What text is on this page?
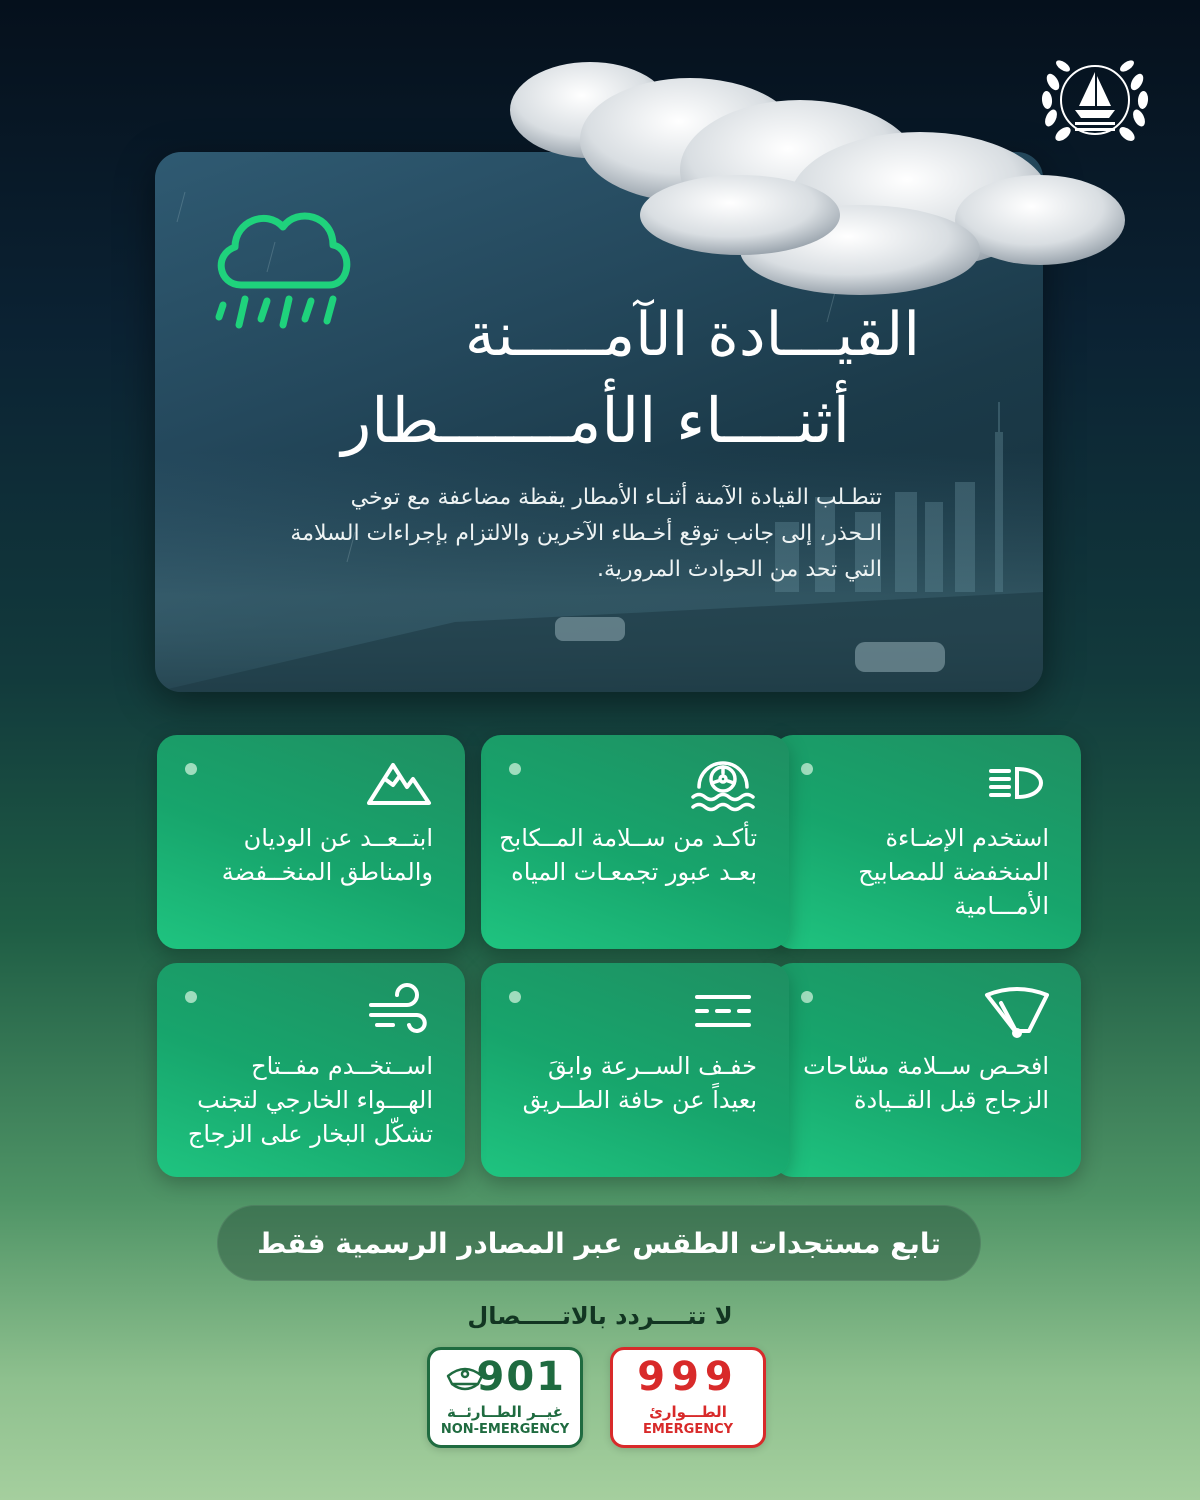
القيـــادة الآمـــــنة
أثنــــاء الأمـــــــطار
تتطـلب القيادة الآمنة أثنـاء الأمطار يقظة مضاعفة مع توخي الـحذر، إلى جانب توقع أخـطاء الآخرين والالتزام بإجراءات السلامة التي تحد من الحوادث المرورية.
استخدم الإضـاءة المنخفضة للمصابيح الأمـــامية
تأكـد من ســلامة المــكابح بعـد عبور تجمعـات المياه
ابتــعــد عن الوديان والمناطق المنخــفضة
افحـص ســلامة مسّاحات الزجاج قبل القــيادة
خفـف الســرعة وابقَ بعيداً عن حافة الطــريق
اســتخــدم مفــتاح الهـــواء الخارجي لتجنب تشكّل البخار على الزجاج
تابع مستجدات الطقس عبر المصادر الرسمية فقط
لا تتــــردد بالاتـــــصال
901
غيــر الطــارئــة
NON-EMERGENCY
999
الطـــوارئ
EMERGENCY
